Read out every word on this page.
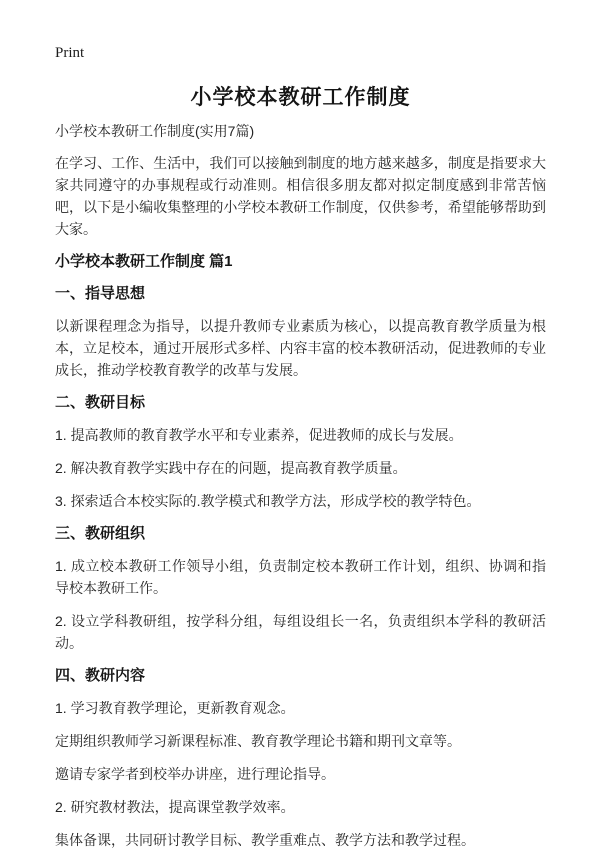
Print
小学校本教研工作制度

小学校本教研工作制度(实用7篇)

在学习、工作、生活中，我们可以接触到制度的地方越来越多，制度是指要求大家共同遵守的办事规程或行动准则。相信很多朋友都对拟定制度感到非常苦恼吧，以下是小编收集整理的小学校本教研工作制度，仅供参考，希望能够帮助到大家。

小学校本教研工作制度 篇1
一、指导思想

以新课程理念为指导，以提升教师专业素质为核心，以提高教育教学质量为根本，立足校本，通过开展形式多样、内容丰富的校本教研活动，促进教师的专业成长，推动学校教育教学的改革与发展。

二、教研目标

1. 提高教师的教育教学水平和专业素养，促进教师的成长与发展。

2. 解决教育教学实践中存在的问题，提高教育教学质量。

3. 探索适合本校实际的.教学模式和教学方法，形成学校的教学特色。

三、教研组织

1. 成立校本教研工作领导小组，负责制定校本教研工作计划，组织、协调和指导校本教研工作。

2. 设立学科教研组，按学科分组，每组设组长一名，负责组织本学科的教研活动。

四、教研内容

1. 学习教育教学理论，更新教育观念。

定期组织教师学习新课程标准、教育教学理论书籍和期刊文章等。

邀请专家学者到校举办讲座，进行理论指导。

2. 研究教材教法，提高课堂教学效率。

集体备课，共同研讨教学目标、教学重难点、教学方法和教学过程。
